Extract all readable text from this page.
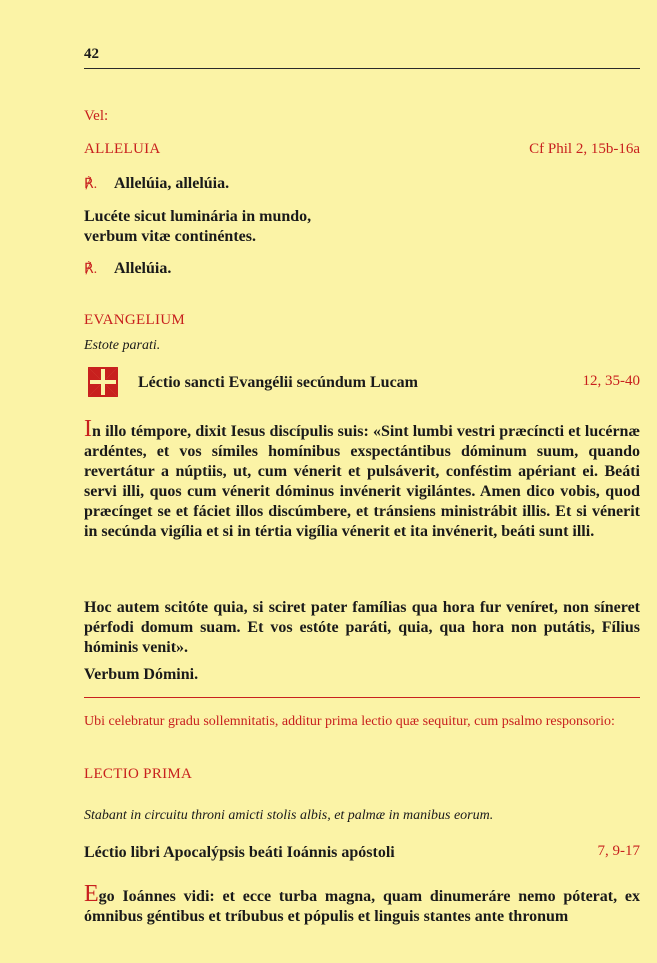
42
Vel:
ALLELUIA	Cf Phil 2, 15b-16a
℟. Allelúia, allelúia.
Lucéte sicut luminária in mundo,
verbum vitæ continéntes.
℟. Allelúia.
EVANGELIUM
Estote parati.
Léctio sancti Evangélii secúndum Lucam	12, 35-40
In illo témpore, dixit Iesus discípulis suis: «Sint lumbi vestri præcíncti et lucérnæ ardéntes, et vos símiles homínibus exspectántibus dóminum suum, quando revertátur a núptiis, ut, cum vénerit et pulsáverit, conféstim apériant ei. Beáti servi illi, quos cum vénerit dóminus invénerit vigilántes. Amen dico vobis, quod præcínget se et fáciet illos discúmbere, et tránsiens ministrábit illis. Et si vénerit in secúnda vigília et si in tértia vigília vénerit et ita invénerit, beáti sunt illi.
Hoc autem scitóte quia, si sciret pater famílias qua hora fur veníret, non síneret pérfodi domum suam. Et vos estóte paráti, quia, qua hora non putátis, Fílius hóminis venit».
Verbum Dómini.
Ubi celebratur gradu sollemnitatis, additur prima lectio quæ sequitur, cum psalmo responsorio:
LECTIO PRIMA
Stabant in circuitu throni amicti stolis albis, et palmæ in manibus eorum.
Léctio libri Apocalýpsis beáti Ioánnis apóstoli	7, 9-17
Ego Ioánnes vidi: et ecce turba magna, quam dinumeráre nemo póterat, ex ómnibus géntibus et tríbubus et pópulis et linguis stantes ante thronum
